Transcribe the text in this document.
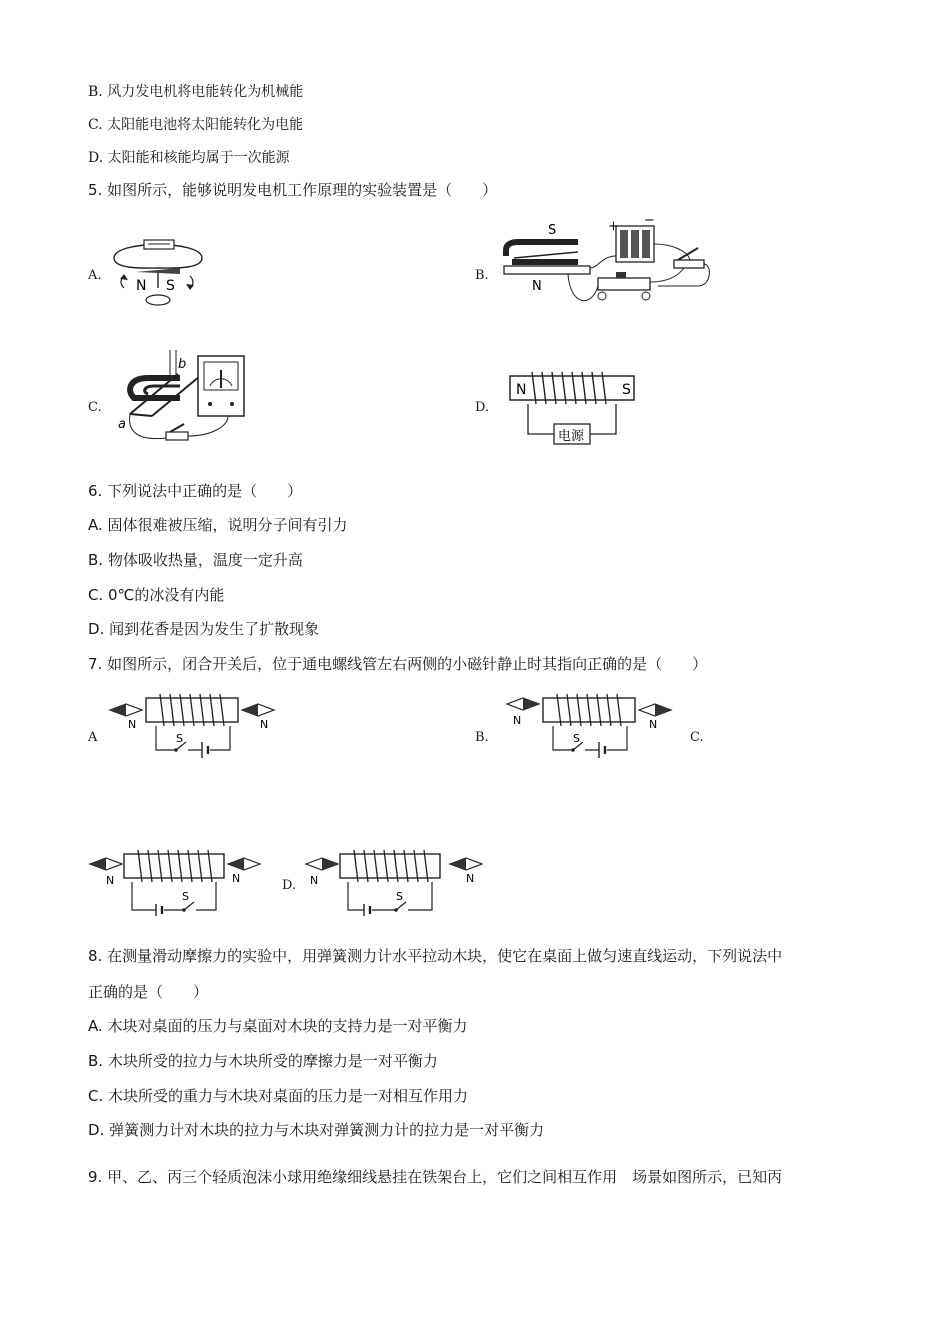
B. 风力发电机将电能转化为机械能
C. 太阳能电池将太阳能转化为电能
D. 太阳能和核能均属于一次能源
5. 如图所示，能够说明发电机工作原理的实验装置是（　　）
A.
N S
B.
S
N
+ −
C.
b
a
D.
N	S
电源
6. 下列说法中正确的是（　　）
A. 固体很难被压缩，说明分子间有引力
B. 物体吸收热量，温度一定升高
C. 0℃的冰没有内能
D. 闻到花香是因为发生了扩散现象
7. 如图所示，闭合开关后，位于通电螺线管左右两侧的小磁针静止时其指向正确的是（　　）
A
N	N
S	B.
N	N
S	C.
N	N
S
D. N	N
S
8. 在测量滑动摩擦力的实验中，用弹簧测力计水平拉动木块，使它在桌面上做匀速直线运动，下列说法中
正确的是（　　）
A. 木块对桌面的压力与桌面对木块的支持力是一对平衡力
B. 木块所受的拉力与木块所受的摩擦力是一对平衡力
C. 木块所受的重力与木块对桌面的压力是一对相互作用力
D. 弹簧测力计对木块的拉力与木块对弹簧测力计的拉力是一对平衡力
9. 甲、乙、丙三个轻质泡沫小球用绝缘细线悬挂在铁架台上，它们之间相互作用　场景如图所示，已知丙
